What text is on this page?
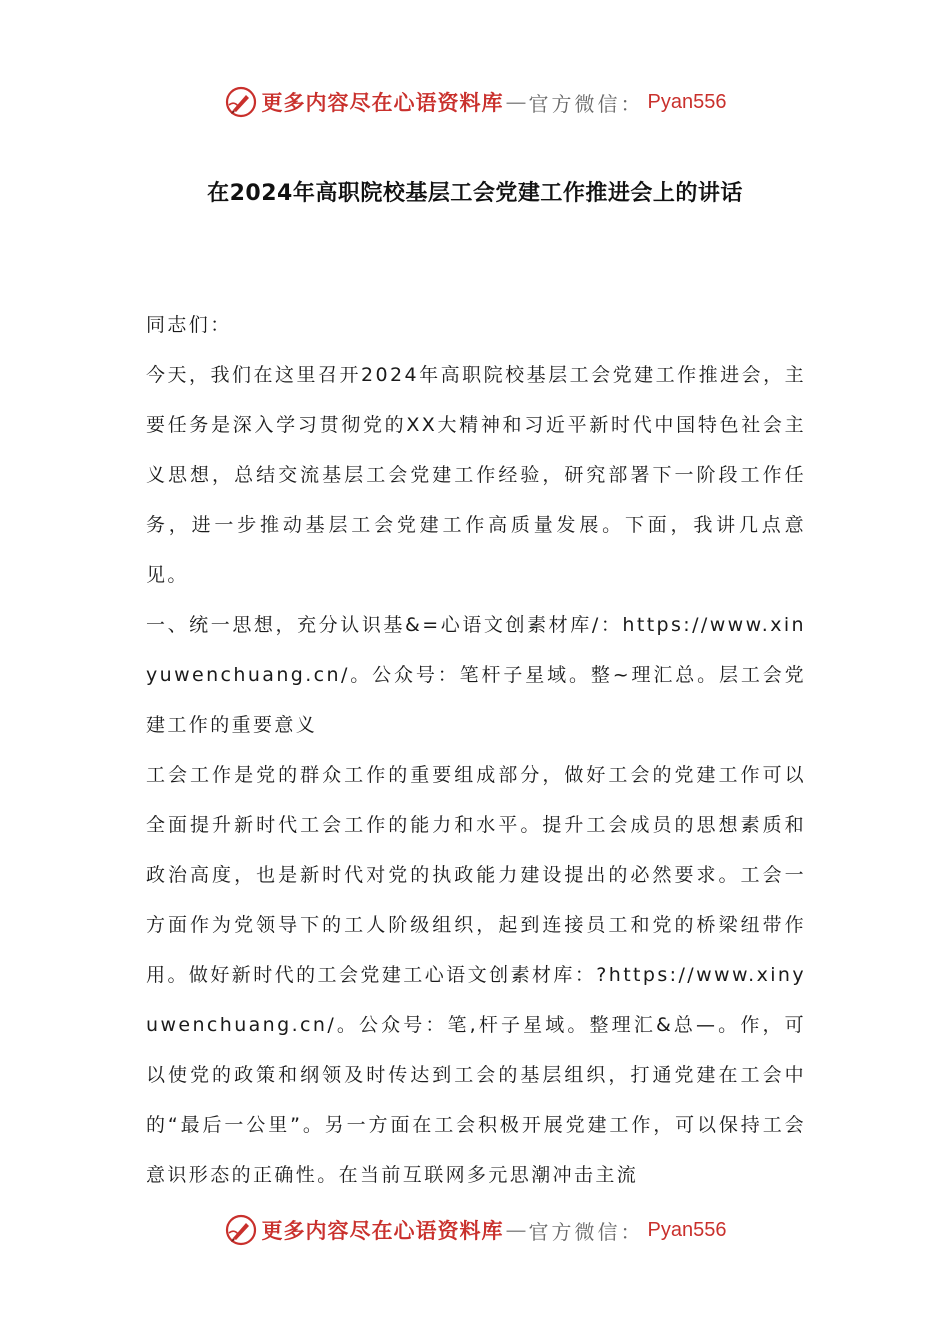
更多内容尽在心语资料库 — 官方微信： Pyan556
在2024年高职院校基层工会党建工作推进会上的讲话

同志们：

今天，我们在这里召开2024年高职院校基层工会党建工作推进会，主要任务是深入学习贯彻党的XX大精神和习近平新时代中国特色社会主义思想，总结交流基层工会党建工作经验，研究部署下一阶段工作任务，进一步推动基层工会党建工作高质量发展。下面，我讲几点意见。

一、统一思想，充分认识基&=心语文创素材库/：https://www.xinyuwenchuang.cn/。公众号：笔杆子星域。整~理汇总。层工会党建工作的重要意义

工会工作是党的群众工作的重要组成部分，做好工会的党建工作可以全面提升新时代工会工作的能力和水平。提升工会成员的思想素质和政治高度，也是新时代对党的执政能力建设提出的必然要求。工会一方面作为党领导下的工人阶级组织，起到连接员工和党的桥梁纽带作用。做好新时代的工会党建工心语文创素材库：?https://www.xinyuwenchuang.cn/。公众号：笔,杆子星域。整理汇&总—。作，可以使党的政策和纲领及时传达到工会的基层组织，打通党建在工会中的“最后一公里”。另一方面在工会积极开展党建工作，可以保持工会意识形态的正确性。在当前互联网多元思潮冲击主流

更多内容尽在心语资料库 — 官方微信： Pyan556
